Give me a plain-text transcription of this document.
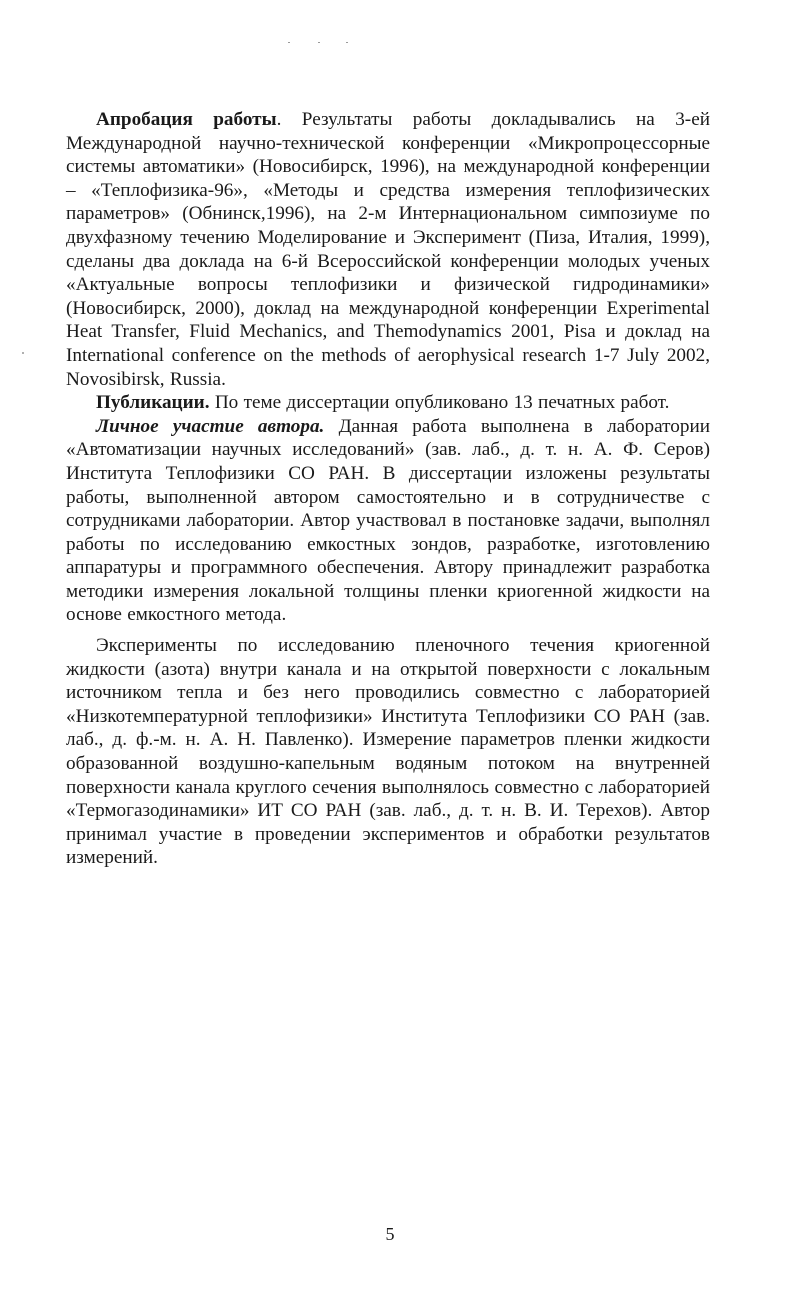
Апробация работы. Результаты работы докладывались на 3-ей Международной научно-технической конференции «Микропроцессорные системы автоматики» (Новосибирск, 1996), на международной конференции – «Теплофизика-96», «Методы и средства измерения теплофизических параметров» (Обнинск,1996), на 2-м Интернациональном симпозиуме по двухфазному течению Моделирование и Эксперимент (Пиза, Италия, 1999), сделаны два доклада на 6-й Всероссийской конференции молодых ученых «Актуальные вопросы теплофизики и физической гидродинамики» (Новосибирск, 2000), доклад на международной конференции Experimental Heat Transfer, Fluid Mechanics, and Themodynamics 2001, Pisa и доклад на International conference on the methods of aerophysical research 1-7 July 2002, Novosibirsk, Russia.

Публикации. По теме диссертации опубликовано 13 печатных работ.

Личное участие автора. Данная работа выполнена в лаборатории «Автоматизации научных исследований» (зав. лаб., д. т. н. А. Ф. Серов) Института Теплофизики СО РАН. В диссертации изложены результаты работы, выполненной автором самостоятельно и в сотрудничестве с сотрудниками лаборатории. Автор участвовал в постановке задачи, выполнял работы по исследованию емкостных зондов, разработке, изготовлению аппаратуры и программного обеспечения. Автору принадлежит разработка методики измерения локальной толщины пленки криогенной жидкости на основе емкостного метода.

Эксперименты по исследованию пленочного течения криогенной жидкости (азота) внутри канала и на открытой поверхности с локальным источником тепла и без него проводились совместно с лабораторией «Низкотемпературной теплофизики» Института Теплофизики СО РАН (зав. лаб., д. ф.-м. н. А. Н. Павленко). Измерение параметров пленки жидкости образованной воздушно-капельным водяным потоком на внутренней поверхности канала круглого сечения выполнялось совместно с лабораторией «Термогазодинамики» ИТ СО РАН (зав. лаб., д. т. н. В. И. Терехов). Автор принимал участие в проведении экспериментов и обработки результатов измерений.

5
